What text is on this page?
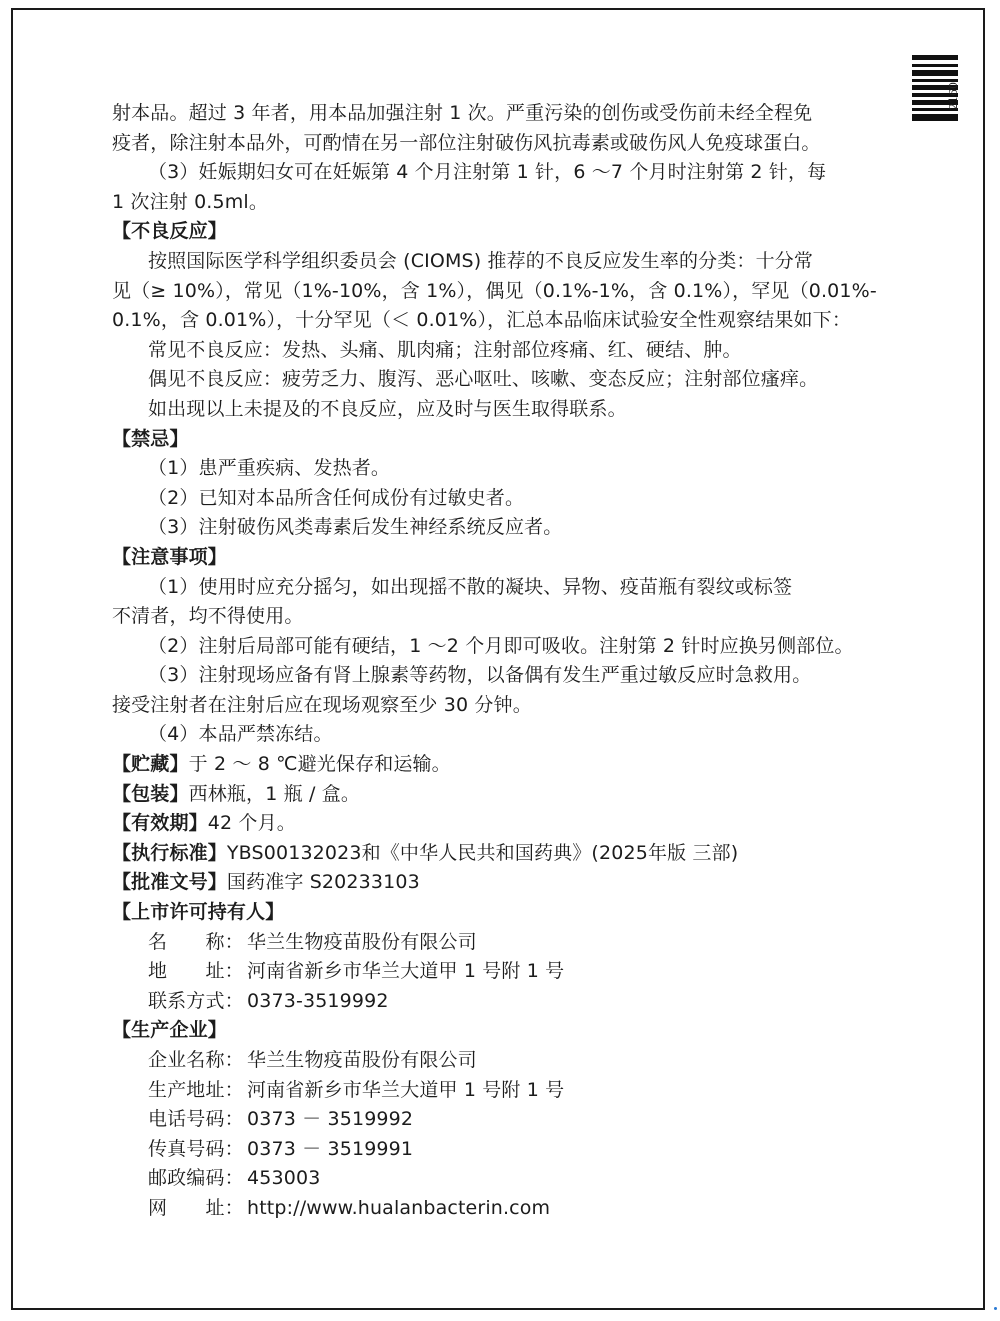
2160
射本品。超过 3 年者，用本品加强注射 1 次。严重污染的创伤或受伤前未经全程免
疫者，除注射本品外，可酌情在另一部位注射破伤风抗毒素或破伤风人免疫球蛋白。
（3）妊娠期妇女可在妊娠第 4 个月注射第 1 针，6 ～7 个月时注射第 2 针，每
1 次注射 0.5ml。
【不良反应】
按照国际医学科学组织委员会 (CIOMS) 推荐的不良反应发生率的分类：十分常
见（≥ 10%），常见（1%-10%，含 1%），偶见（0.1%-1%，含 0.1%），罕见（0.01%-
0.1%，含 0.01%），十分罕见（＜ 0.01%），汇总本品临床试验安全性观察结果如下：
常见不良反应：发热、头痛、肌肉痛；注射部位疼痛、红、硬结、肿。
偶见不良反应：疲劳乏力、腹泻、恶心呕吐、咳嗽、变态反应；注射部位瘙痒。
如出现以上未提及的不良反应，应及时与医生取得联系。
【禁忌】
（1）患严重疾病、发热者。
（2）已知对本品所含任何成份有过敏史者。
（3）注射破伤风类毒素后发生神经系统反应者。
【注意事项】
（1）使用时应充分摇匀，如出现摇不散的凝块、异物、疫苗瓶有裂纹或标签
不清者，均不得使用。
（2）注射后局部可能有硬结，1 ～2 个月即可吸收。注射第 2 针时应换另侧部位。
（3）注射现场应备有肾上腺素等药物，以备偶有发生严重过敏反应时急救用。
接受注射者在注射后应在现场观察至少 30 分钟。
（4）本品严禁冻结。
【贮藏】于 2 ～ 8 ℃避光保存和运输。
【包装】西林瓶，1 瓶 / 盒。
【有效期】42 个月。
【执行标准】YBS00132023和《中华人民共和国药典》(2025年版 三部)
【批准文号】国药准字 S20233103
【上市许可持有人】
名　　称： 华兰生物疫苗股份有限公司
地　　址： 河南省新乡市华兰大道甲 1 号附 1 号
联系方式： 0373-3519992
【生产企业】
企业名称： 华兰生物疫苗股份有限公司
生产地址： 河南省新乡市华兰大道甲 1 号附 1 号
电话号码： 0373 － 3519992
传真号码： 0373 － 3519991
邮政编码： 453003
网　　址： http://www.hualanbacterin.com
